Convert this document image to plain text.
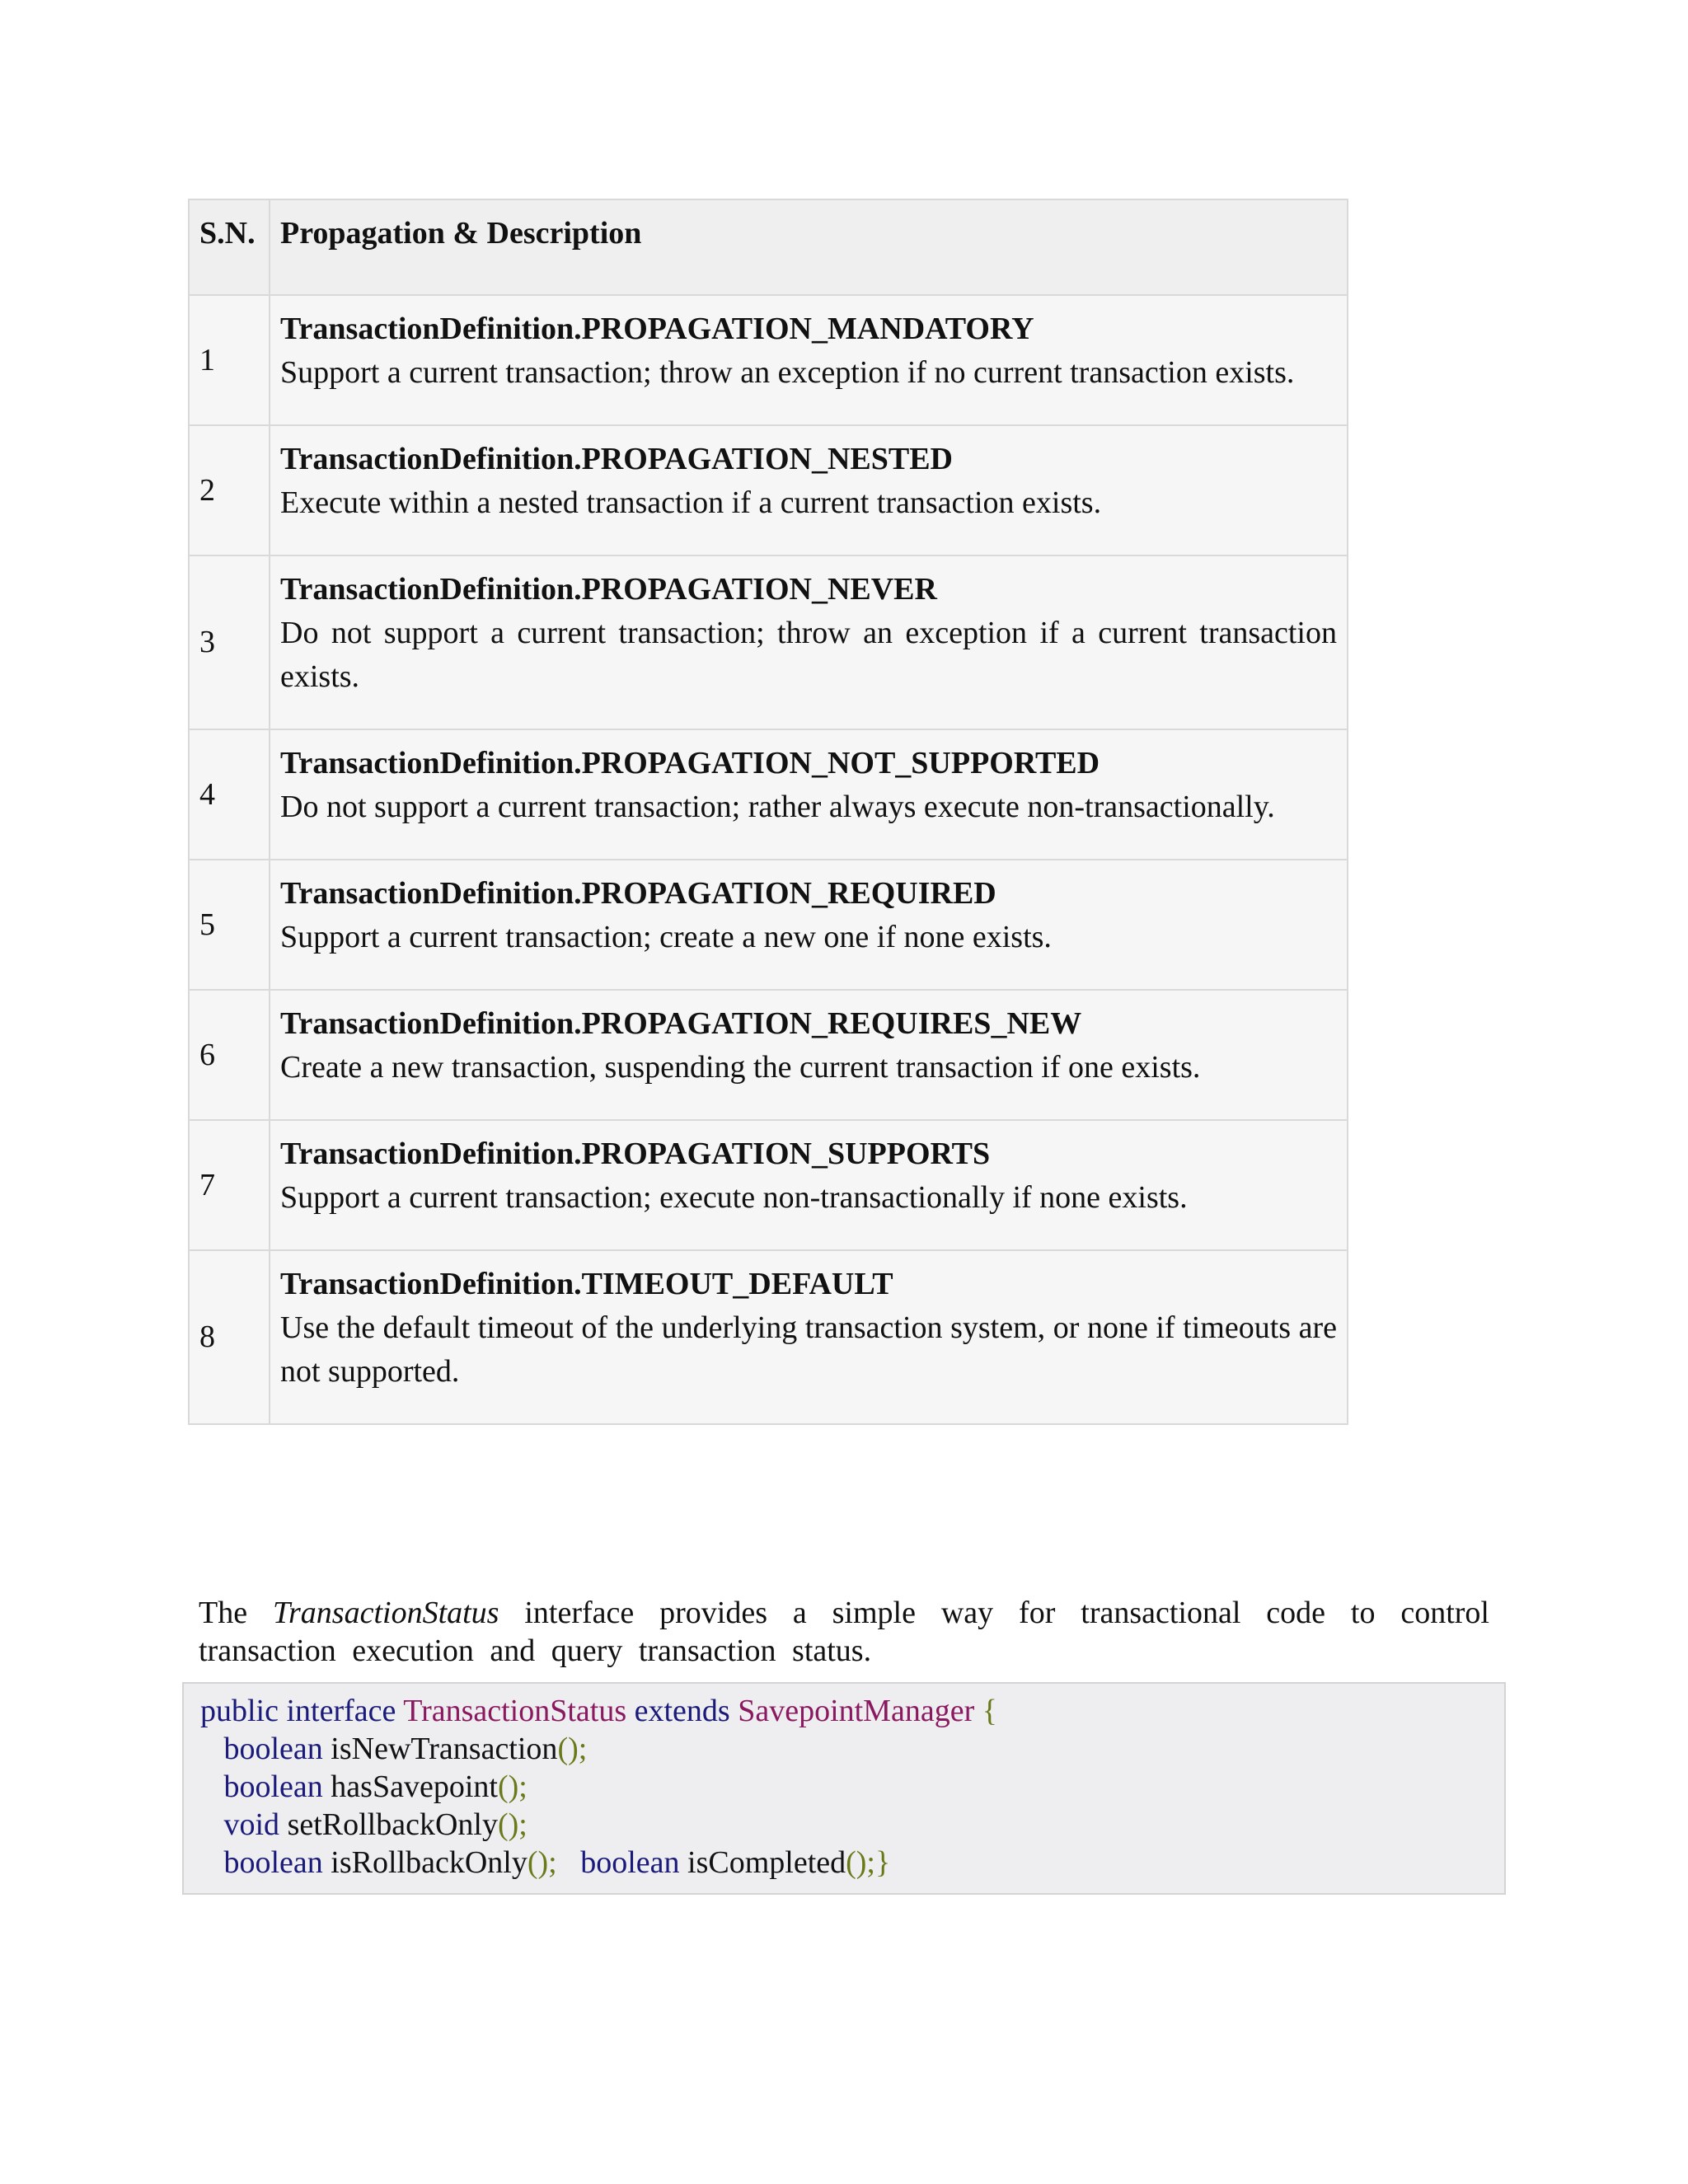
S.N.	Propagation & Description
1	TransactionDefinition.PROPAGATION_MANDATORY
Support a current transaction; throw an exception if no current transaction exists.

2	TransactionDefinition.PROPAGATION_NESTED
Execute within a nested transaction if a current transaction exists.

3	TransactionDefinition.PROPAGATION_NEVER
Do not support a current transaction; throw an exception if a current transaction exists.

4	TransactionDefinition.PROPAGATION_NOT_SUPPORTED
Do not support a current transaction; rather always execute non-transactionally.

5	TransactionDefinition.PROPAGATION_REQUIRED
Support a current transaction; create a new one if none exists.

6	TransactionDefinition.PROPAGATION_REQUIRES_NEW
Create a new transaction, suspending the current transaction if one exists.

7	TransactionDefinition.PROPAGATION_SUPPORTS
Support a current transaction; execute non-transactionally if none exists.

8	TransactionDefinition.TIMEOUT_DEFAULT
Use the default timeout of the underlying transaction system, or none if timeouts are not supported.

The TransactionStatus interface provides a simple way for transactional code to control transaction execution and query transaction status.

public interface TransactionStatus extends SavepointManager {
boolean isNewTransaction();
boolean hasSavepoint();
void setRollbackOnly();
boolean isRollbackOnly(); boolean isCompleted();}
